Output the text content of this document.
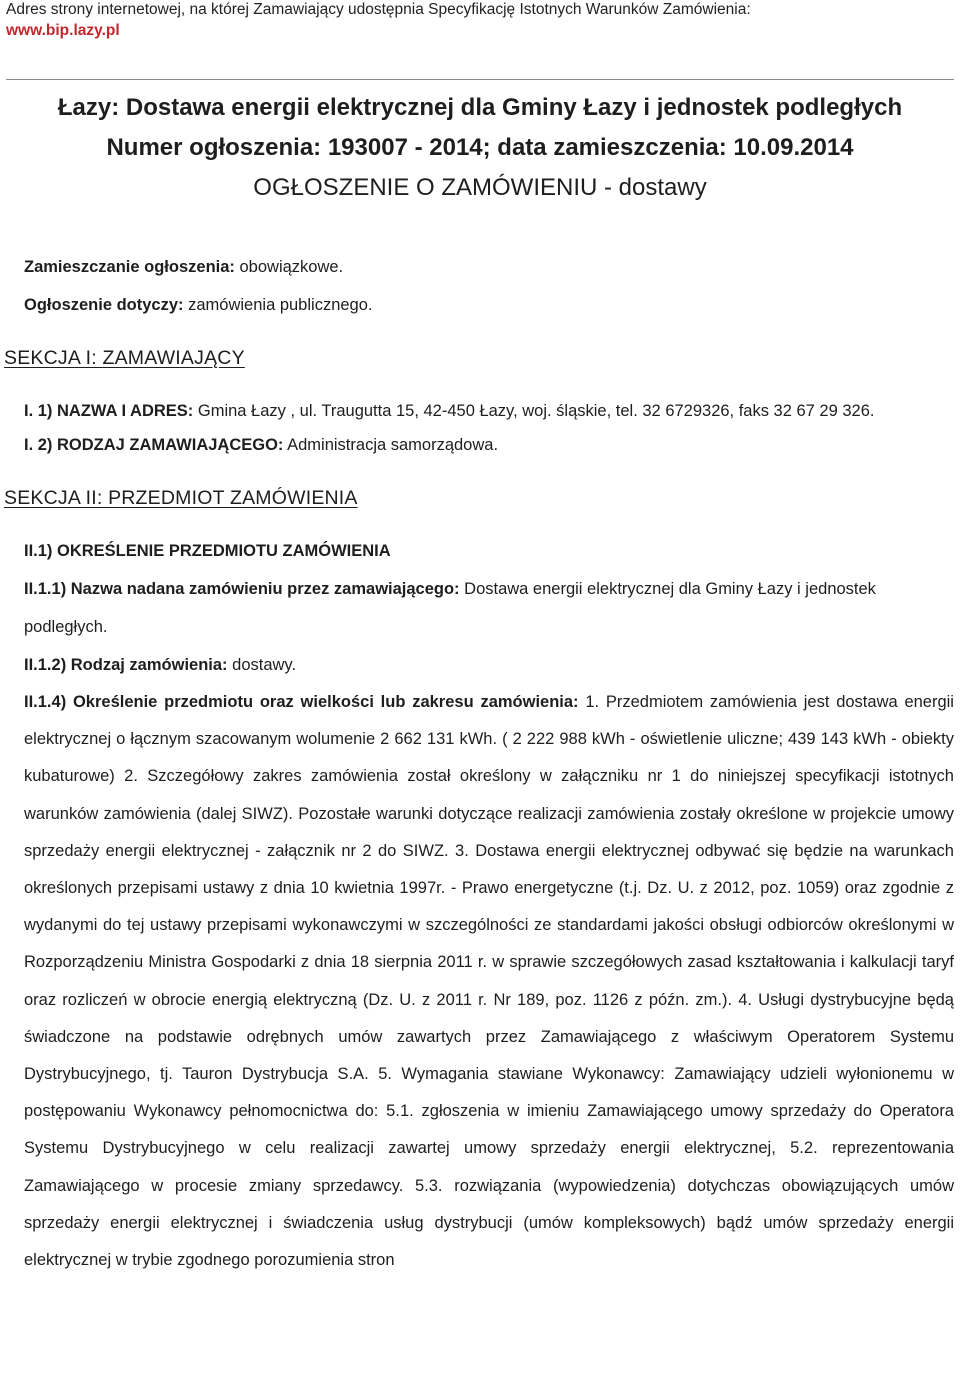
Adres strony internetowej, na której Zamawiający udostępnia Specyfikację Istotnych Warunków Zamówienia:
www.bip.lazy.pl
Łazy: Dostawa energii elektrycznej dla Gminy Łazy i jednostek podległych
Numer ogłoszenia: 193007 - 2014; data zamieszczenia: 10.09.2014
OGŁOSZENIE O ZAMÓWIENIU - dostawy

Zamieszczanie ogłoszenia: obowiązkowe.

Ogłoszenie dotyczy: zamówienia publicznego.

SEKCJA I: ZAMAWIAJĄCY

I. 1) NAZWA I ADRES: Gmina Łazy , ul. Traugutta 15, 42-450 Łazy, woj. śląskie, tel. 32 6729326, faks 32 67 29 326.

I. 2) RODZAJ ZAMAWIAJĄCEGO: Administracja samorządowa.

SEKCJA II: PRZEDMIOT ZAMÓWIENIA

II.1) OKREŚLENIE PRZEDMIOTU ZAMÓWIENIA

II.1.1) Nazwa nadana zamówieniu przez zamawiającego: Dostawa energii elektrycznej dla Gminy Łazy i jednostek podległych.

II.1.2) Rodzaj zamówienia: dostawy.

II.1.4) Określenie przedmiotu oraz wielkości lub zakresu zamówienia: 1. Przedmiotem zamówienia jest dostawa energii elektrycznej o łącznym szacowanym wolumenie 2 662 131 kWh. ( 2 222 988 kWh - oświetlenie uliczne; 439 143 kWh - obiekty kubaturowe) 2. Szczegółowy zakres zamówienia został określony w załączniku nr 1 do niniejszej specyfikacji istotnych warunków zamówienia (dalej SIWZ). Pozostałe warunki dotyczące realizacji zamówienia zostały określone w projekcie umowy sprzedaży energii elektrycznej - załącznik nr 2 do SIWZ. 3. Dostawa energii elektrycznej odbywać się będzie na warunkach określonych przepisami ustawy z dnia 10 kwietnia 1997r. - Prawo energetyczne (t.j. Dz. U. z 2012, poz. 1059) oraz zgodnie z wydanymi do tej ustawy przepisami wykonawczymi w szczególności ze standardami jakości obsługi odbiorców określonymi w Rozporządzeniu Ministra Gospodarki z dnia 18 sierpnia 2011 r. w sprawie szczegółowych zasad kształtowania i kalkulacji taryf oraz rozliczeń w obrocie energią elektryczną (Dz. U. z 2011 r. Nr 189, poz. 1126 z późn. zm.). 4. Usługi dystrybucyjne będą świadczone na podstawie odrębnych umów zawartych przez Zamawiającego z właściwym Operatorem Systemu Dystrybucyjnego, tj. Tauron Dystrybucja S.A. 5. Wymagania stawiane Wykonawcy: Zamawiający udzieli wyłonionemu w postępowaniu Wykonawcy pełnomocnictwa do: 5.1. zgłoszenia w imieniu Zamawiającego umowy sprzedaży do Operatora Systemu Dystrybucyjnego w celu realizacji zawartej umowy sprzedaży energii elektrycznej, 5.2. reprezentowania Zamawiającego w procesie zmiany sprzedawcy. 5.3. rozwiązania (wypowiedzenia) dotychczas obowiązujących umów sprzedaży energii elektrycznej i świadczenia usług dystrybucji (umów kompleksowych) bądź umów sprzedaży energii elektrycznej w trybie zgodnego porozumienia stron
